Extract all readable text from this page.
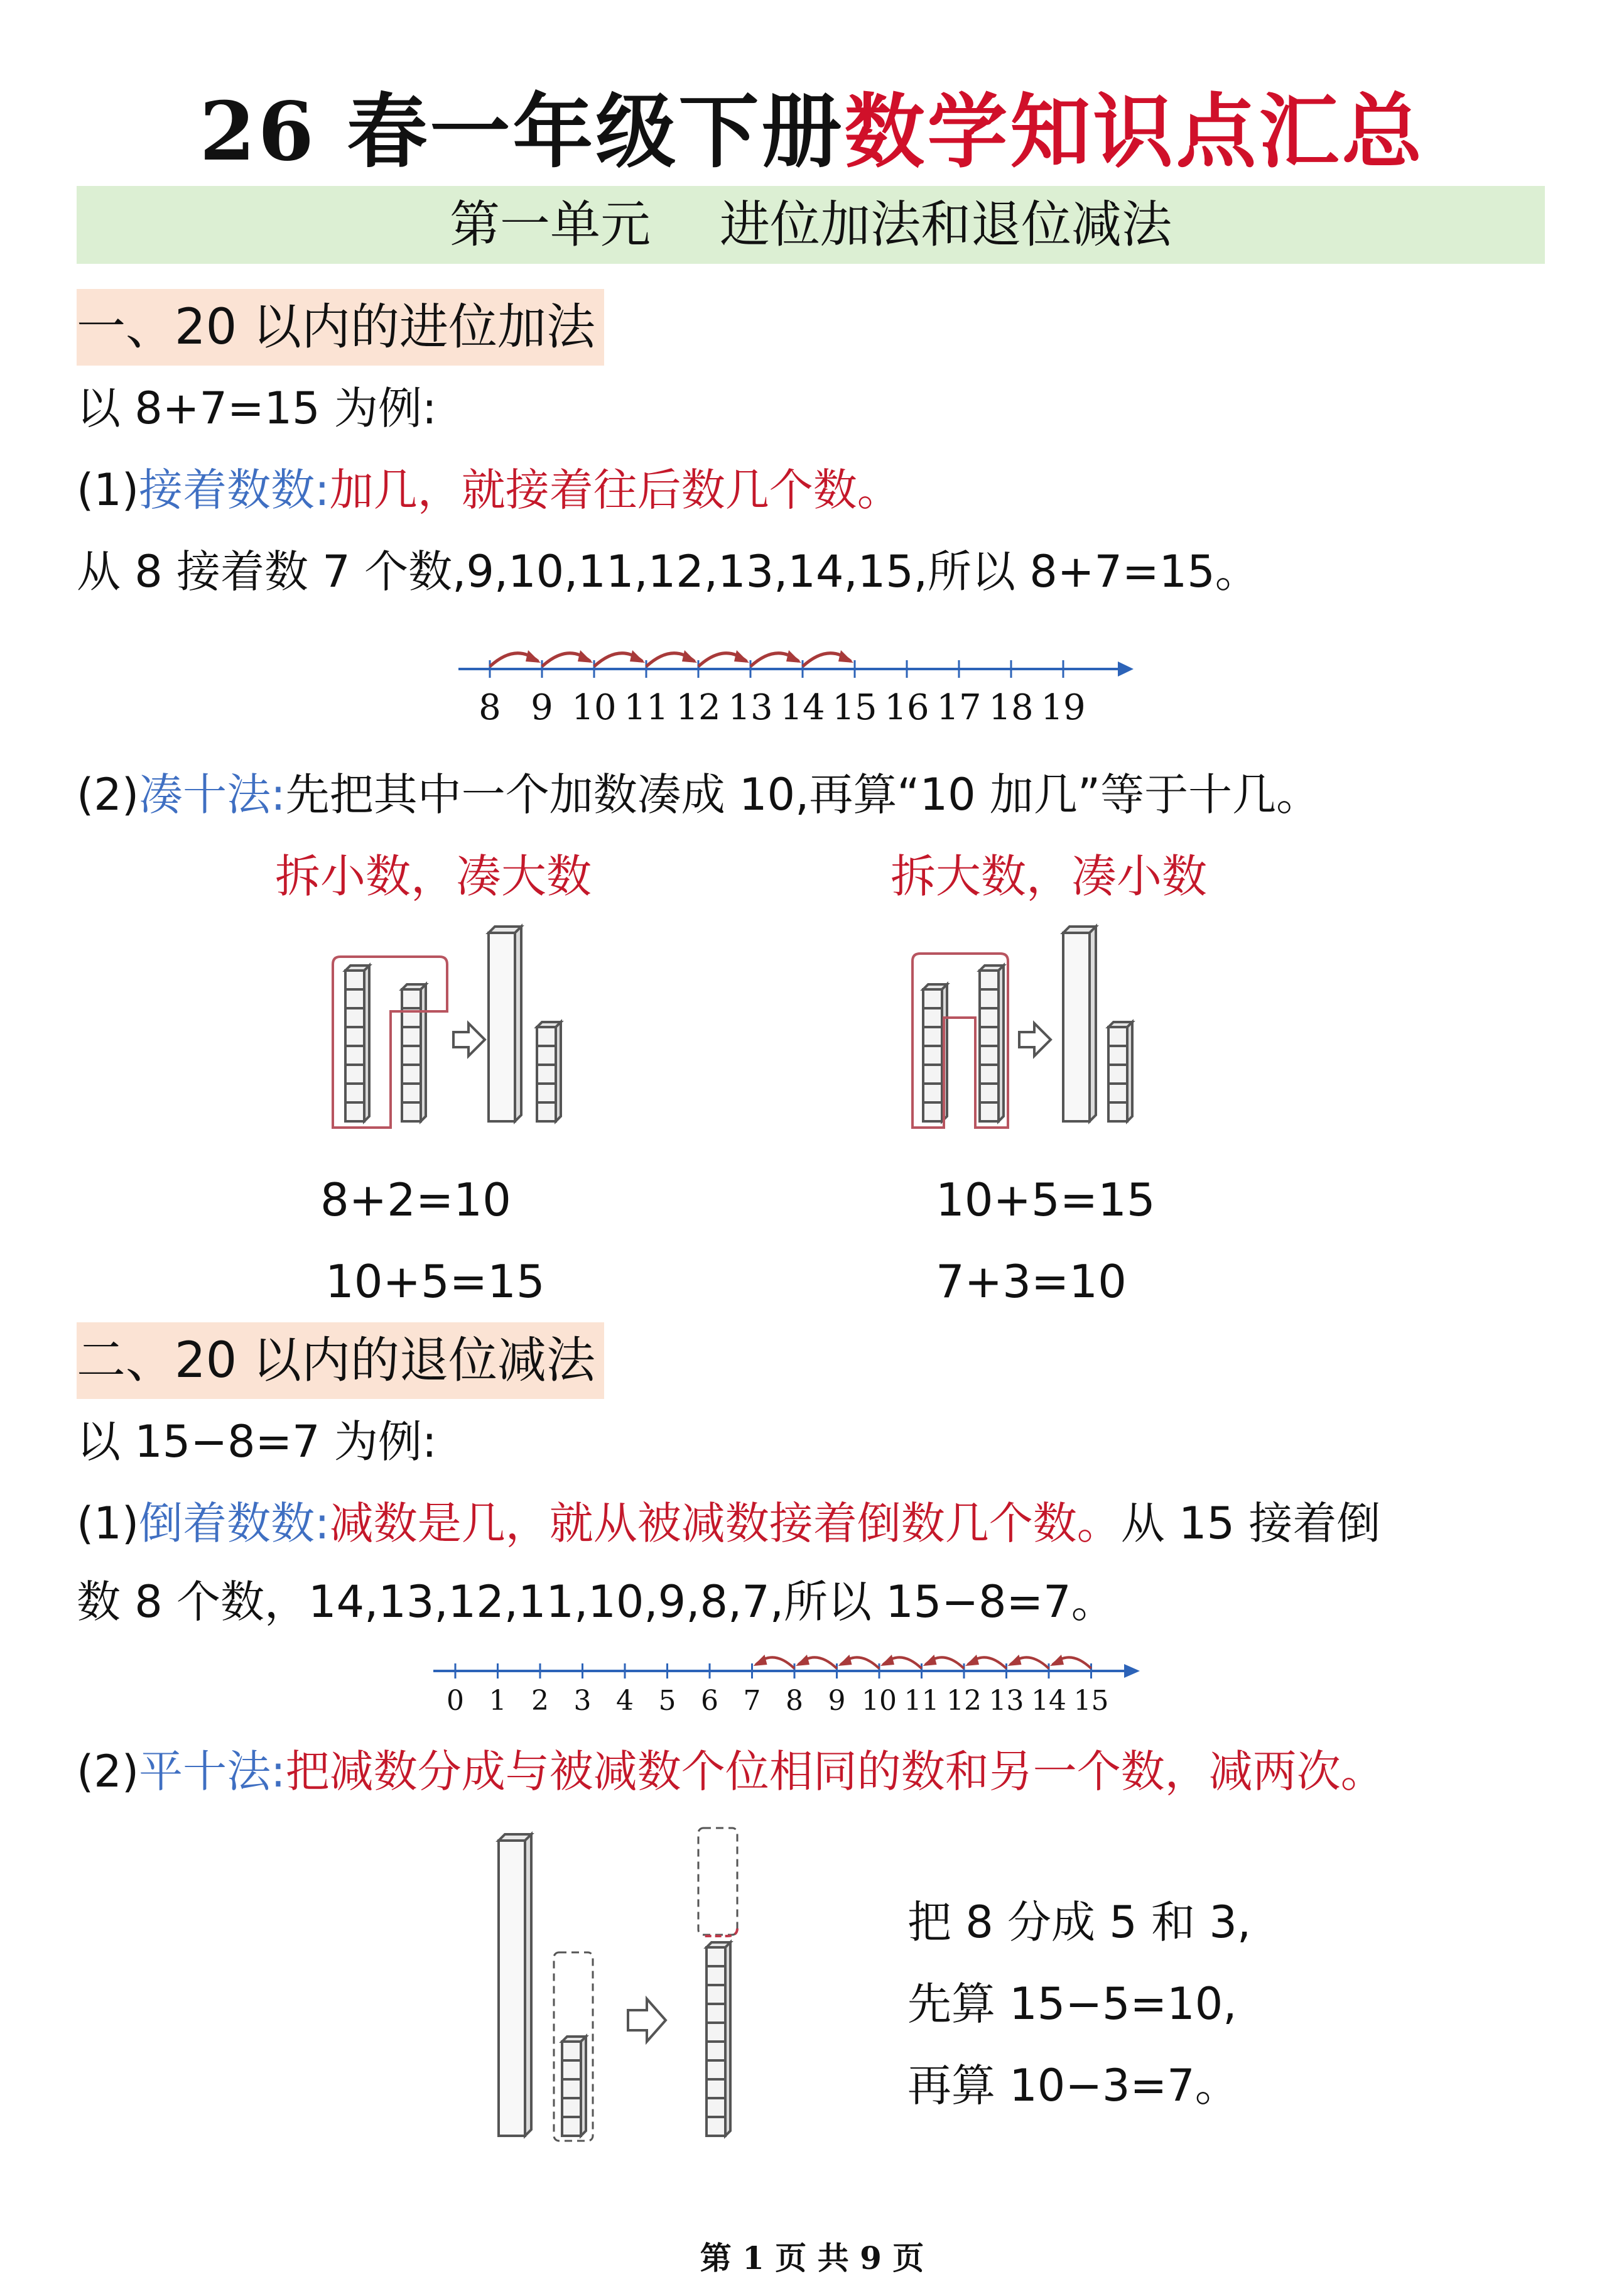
26 春一年级下册数学知识点汇总
第一单元 进位加法和退位减法
一、20 以内的进位加法
以 8+7=15 为例:
(1)接着数数:加几，就接着往后数几个数。
从 8 接着数 7 个数,9,10,11,12,13,14,15,所以 8+7=15。
8 9 10 11 12 13 14 15 16 17 18 19
(2)凑十法:先把其中一个加数凑成 10,再算“10 加几”等于十几。
拆小数，凑大数	拆大数，凑小数
8+2=10
10+5=15
10+5=15
7+3=10
二、20 以内的退位减法
以 15−8=7 为例:
(1)倒着数数:减数是几，就从被减数接着倒数几个数。从 15 接着倒
数 8 个数，14,13,12,11,10,9,8,7,所以 15−8=7。
0 1 2 3 4 5 6 7 8 9 10 11 12 13 14 15
(2)平十法:把减数分成与被减数个位相同的数和另一个数，减两次。
把 8 分成 5 和 3,
先算 15−5=10,
再算 10−3=7。
第 1 页 共 9 页
